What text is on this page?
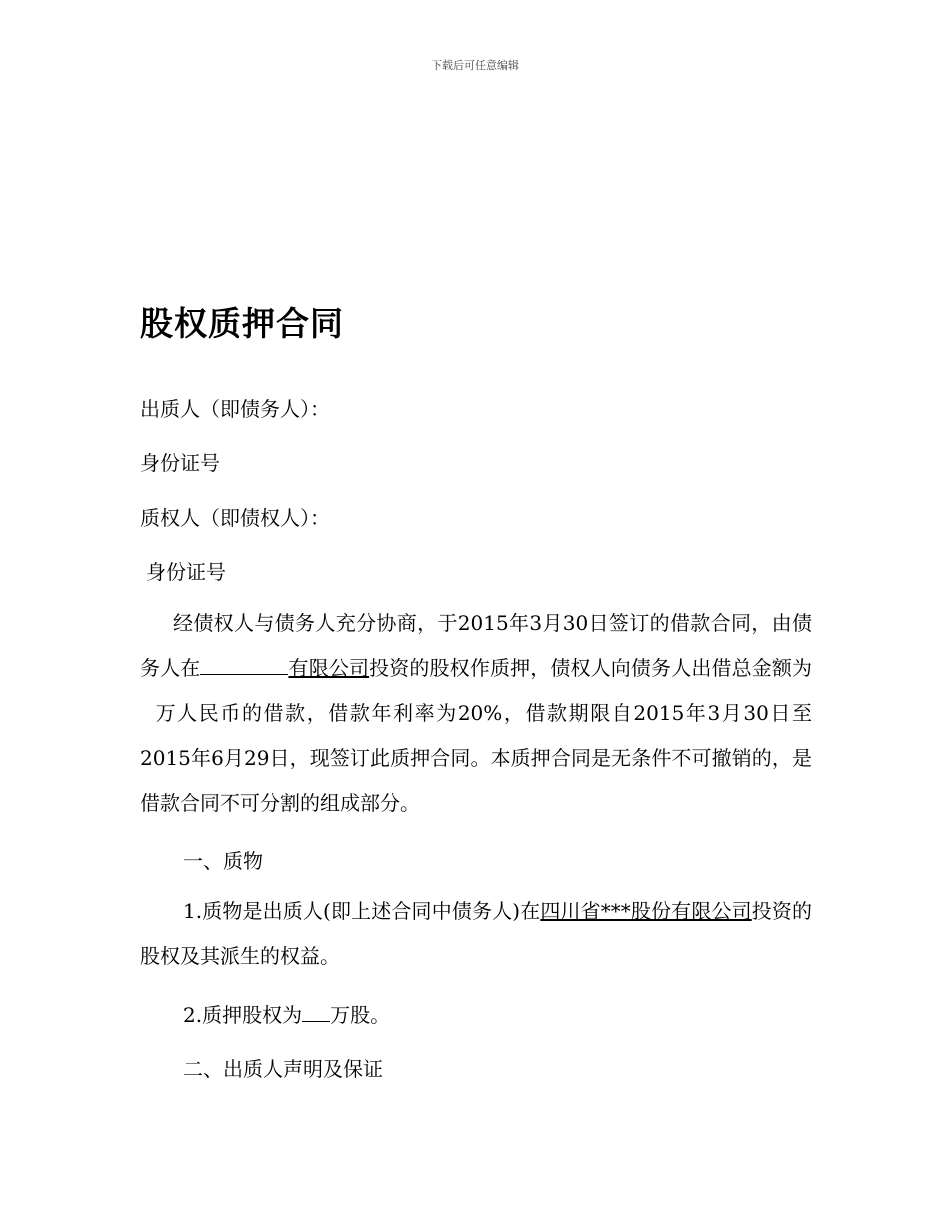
下载后可任意编辑
股权质押合同

出质人（即债务人）：

身份证号

质权人（即债权人）：

身份证号

经债权人与债务人充分协商，于2015年3月30日签订的借款合同，由债务人在	有限公司投资的股权作质押，债权人向债务人出借总金额为万人民币的借款，借款年利率为20%，借款期限自2015年3月30日至2015年6月29日，现签订此质押合同。本质押合同是无条件不可撤销的，是借款合同不可分割的组成部分。

一、质物

1.质物是出质人(即上述合同中债务人)在四川省***股份有限公司投资的股权及其派生的权益。

2.质押股权为 万股。

二、出质人声明及保证
